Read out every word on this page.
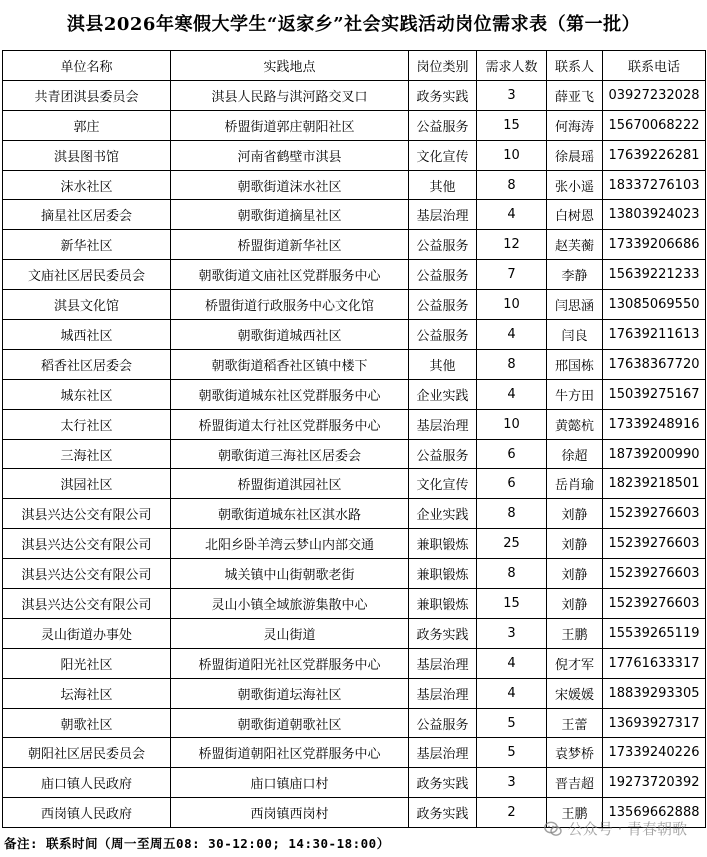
淇县2026年寒假大学生“返家乡”社会实践活动岗位需求表（第一批）
单位名称	实践地点	岗位类别	需求人数	联系人	联系电话
共青团淇县委员会	淇县人民路与淇河路交叉口	政务实践	3	薛亚飞	03927232028
郭庄	桥盟街道郭庄朝阳社区	公益服务	15	何海涛	15670068222
淇县图书馆	河南省鹤壁市淇县	文化宣传	10	徐晨瑶	17639226281
沫水社区	朝歌街道沫水社区	其他	8	张小遥	18337276103
摘星社区居委会	朝歌街道摘星社区	基层治理	4	白树恩	13803924023
新华社区	桥盟街道新华社区	公益服务	12	赵芙蘅	17339206686
文庙社区居民委员会	朝歌街道文庙社区党群服务中心	公益服务	7	李静	15639221233
淇县文化馆	桥盟街道行政服务中心文化馆	公益服务	10	闫思涵	13085069550
城西社区	朝歌街道城西社区	公益服务	4	闫良	17639211613
稻香社区居委会	朝歌街道稻香社区镇中楼下	其他	8	邢国栋	17638367720
城东社区	朝歌街道城东社区党群服务中心	企业实践	4	牛方田	15039275167
太行社区	桥盟街道太行社区党群服务中心	基层治理	10	黄懿杭	17339248916
三海社区	朝歌街道三海社区居委会	公益服务	6	徐超	18739200990
淇园社区	桥盟街道淇园社区	文化宣传	6	岳肖瑜	18239218501
淇县兴达公交有限公司	朝歌街道城东社区淇水路	企业实践	8	刘静	15239276603
淇县兴达公交有限公司	北阳乡卧羊湾云梦山内部交通	兼职锻炼	25	刘静	15239276603
淇县兴达公交有限公司	城关镇中山街朝歌老街	兼职锻炼	8	刘静	15239276603
淇县兴达公交有限公司	灵山小镇全域旅游集散中心	兼职锻炼	15	刘静	15239276603
灵山街道办事处	灵山街道	政务实践	3	王鹏	15539265119
阳光社区	桥盟街道阳光社区党群服务中心	基层治理	4	倪才军	17761633317
坛海社区	朝歌街道坛海社区	基层治理	4	宋媛媛	18839293305
朝歌社区	朝歌街道朝歌社区	公益服务	5	王蕾	13693927317
朝阳社区居民委员会	桥盟街道朝阳社区党群服务中心	基层治理	5	袁梦桥	17339240226
庙口镇人民政府	庙口镇庙口村	政务实践	3	晋吉超	19273720392
西岗镇人民政府	西岗镇西岗村	政务实践	2	王鹏	13569662888
备注: 联系时间（周一至周五08: 30-12:00; 14:30-18:00）
公众号 · 青春朝歌
